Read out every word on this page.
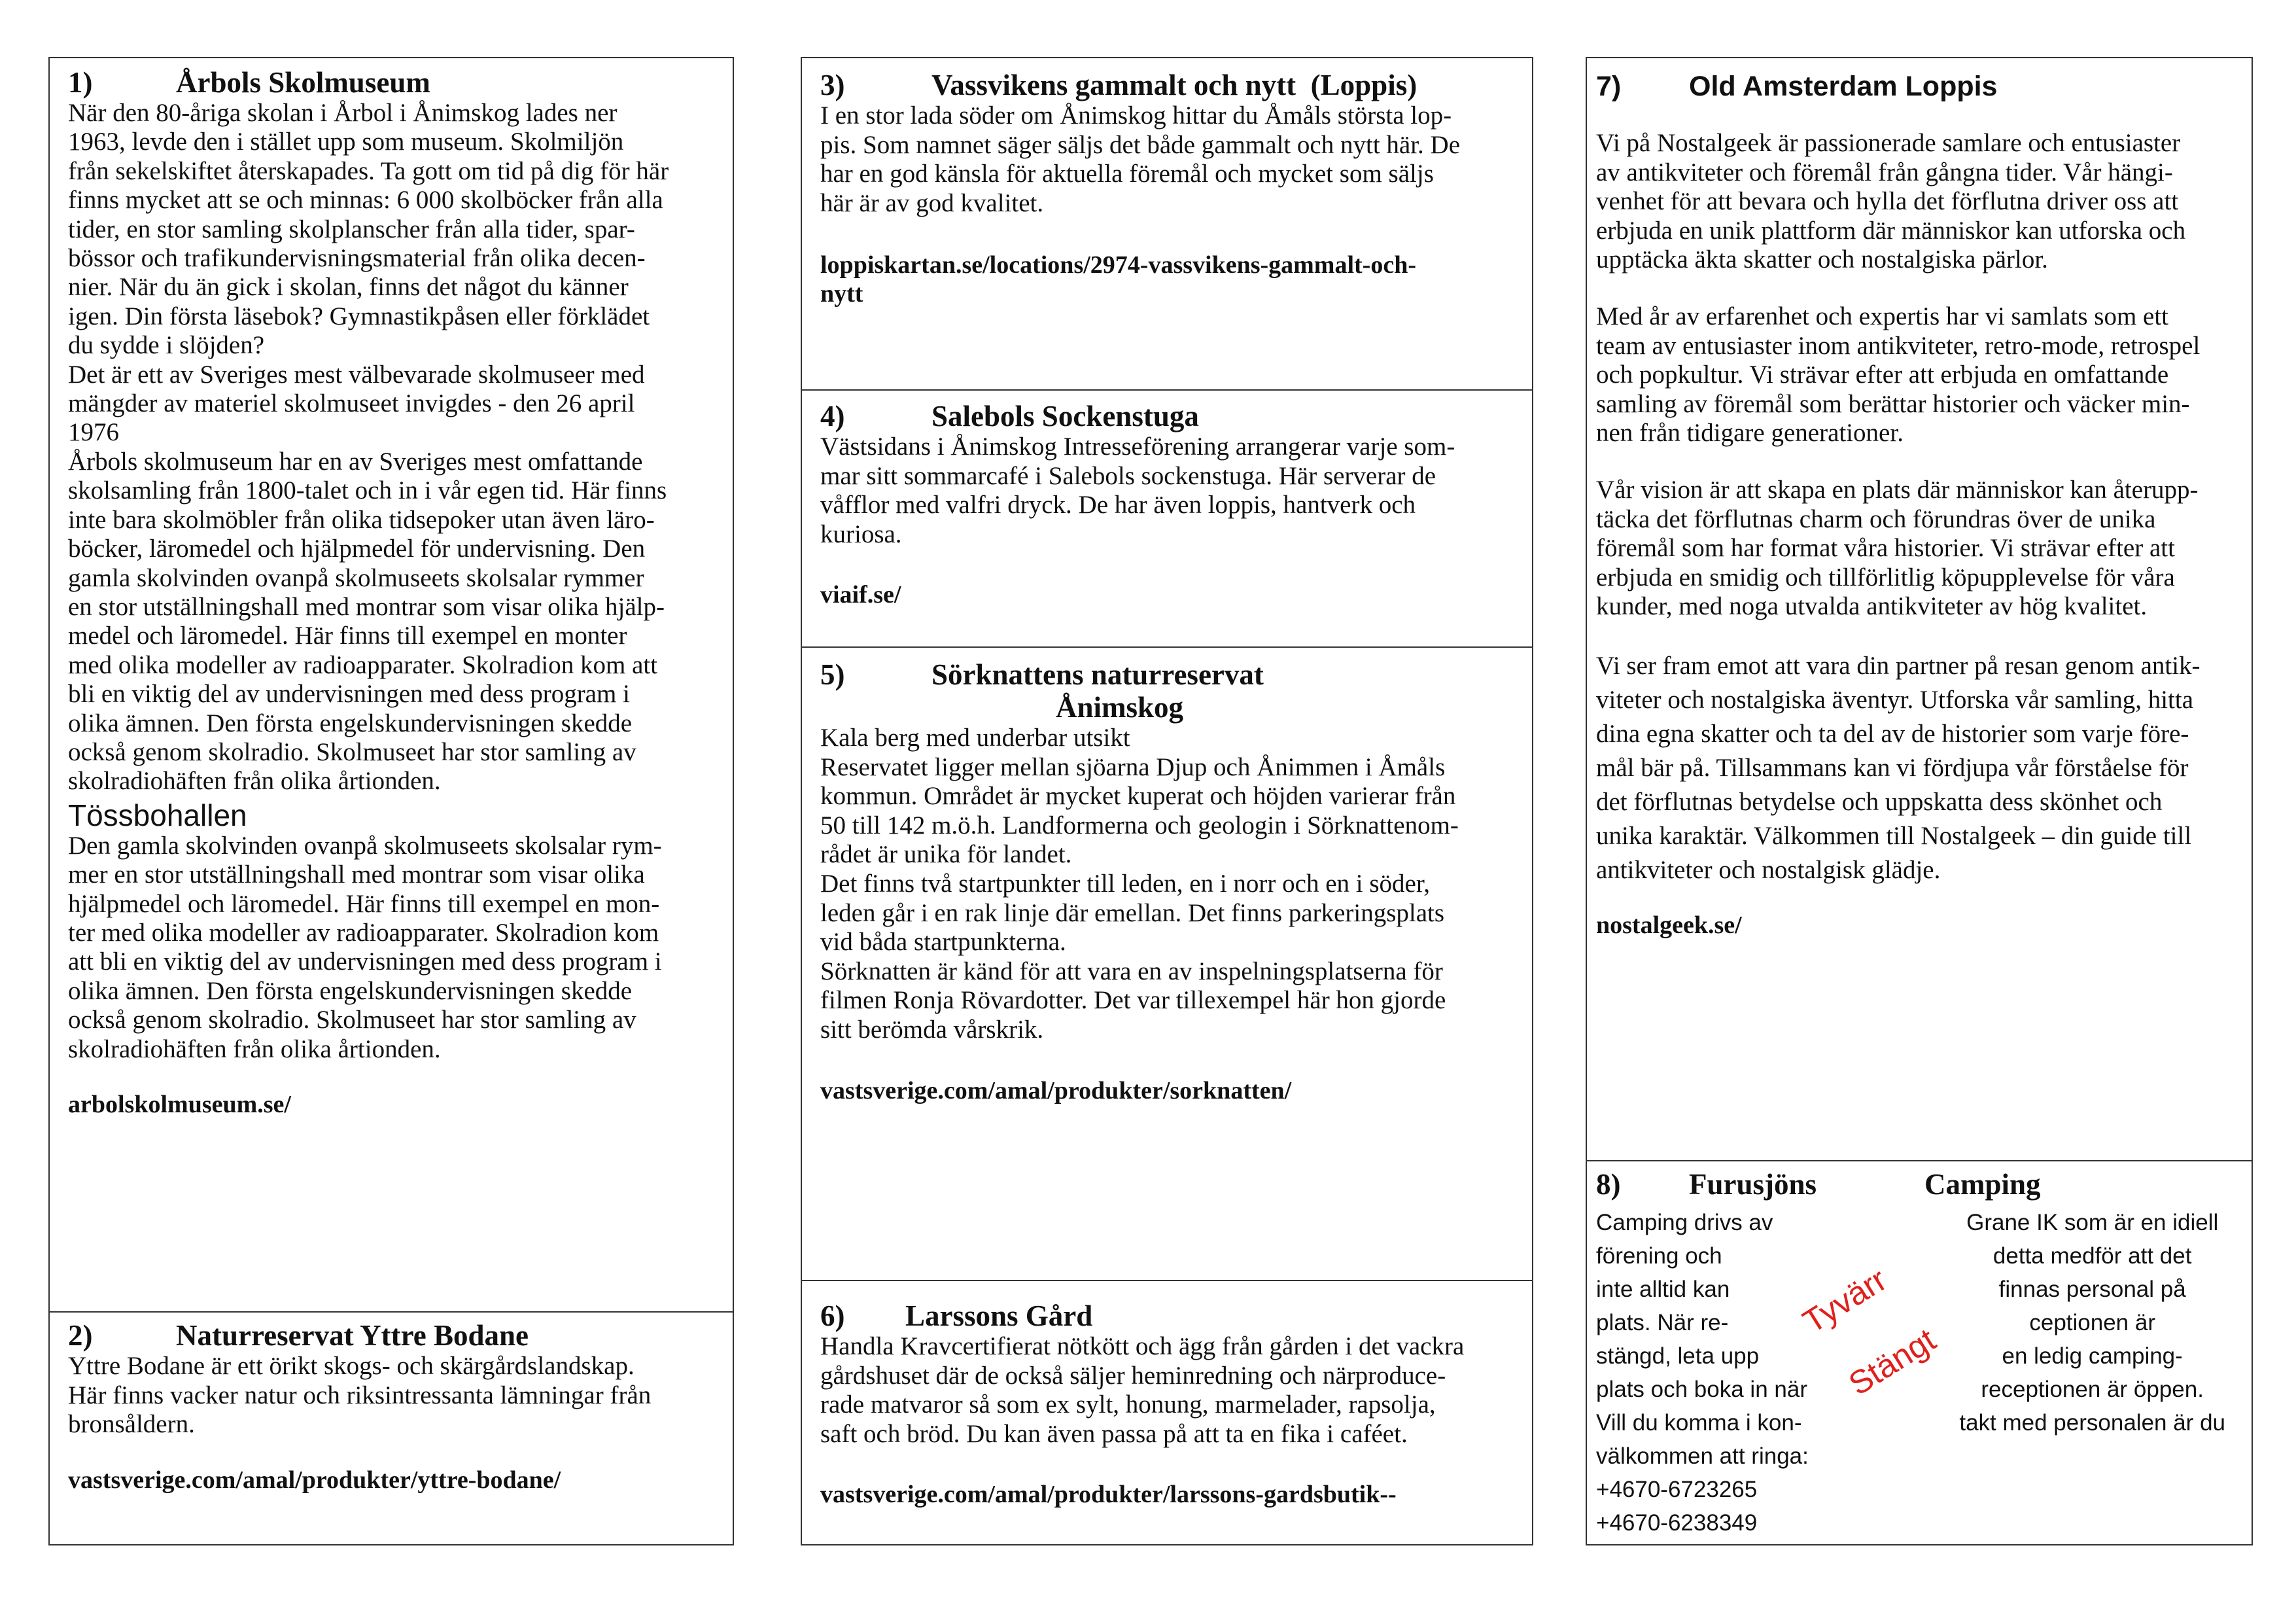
1)	Årbols Skolmuseum

När den 80-åriga skolan i Årbol i Ånimskog lades ner
1963, levde den i stället upp som museum. Skolmiljön
från sekelskiftet återskapades. Ta gott om tid på dig för här
finns mycket att se och minnas: 6 000 skolböcker från alla
tider, en stor samling skolplanscher från alla tider, spar-
bössor och trafikundervisningsmaterial från olika decen-
nier. När du än gick i skolan, finns det något du känner
igen. Din första läsebok? Gymnastikpåsen eller förklädet
du sydde i slöjden?
Det är ett av Sveriges mest välbevarade skolmuseer med
mängder av materiel skolmuseet invigdes - den 26 april
1976
Årbols skolmuseum har en av Sveriges mest omfattande
skolsamling från 1800-talet och in i vår egen tid. Här finns
inte bara skolmöbler från olika tidsepoker utan även läro-
böcker, läromedel och hjälpmedel för undervisning. Den
gamla skolvinden ovanpå skolmuseets skolsalar rymmer
en stor utställningshall med montrar som visar olika hjälp-
medel och läromedel. Här finns till exempel en monter
med olika modeller av radioapparater. Skolradion kom att
bli en viktig del av undervisningen med dess program i
olika ämnen. Den första engelskundervisningen skedde
också genom skolradio. Skolmuseet har stor samling av
skolradiohäften från olika årtionden.

Tössbohallen

Den gamla skolvinden ovanpå skolmuseets skolsalar rym-
mer en stor utställningshall med montrar som visar olika
hjälpmedel och läromedel. Här finns till exempel en mon-
ter med olika modeller av radioapparater. Skolradion kom
att bli en viktig del av undervisningen med dess program i
olika ämnen. Den första engelskundervisningen skedde
också genom skolradio. Skolmuseet har stor samling av
skolradiohäften från olika årtionden.

arbolskolmuseum.se/

2)	Naturreservat Yttre Bodane

Yttre Bodane är ett örikt skogs- och skärgårdslandskap.
Här finns vacker natur och riksintressanta lämningar från
bronsåldern.

vastsverige.com/amal/produkter/yttre-bodane/

3)	Vassvikens gammalt och nytt  (Loppis)

I en stor lada söder om Ånimskog hittar du Åmåls största lop-
pis. Som namnet säger säljs det både gammalt och nytt här. De
har en god känsla för aktuella föremål och mycket som säljs
här är av god kvalitet.

loppiskartan.se/locations/2974-vassvikens-gammalt-och-
nytt

4)	Salebols Sockenstuga

Västsidans i Ånimskog Intresseförening arrangerar varje som-
mar sitt sommarcafé i Salebols sockenstuga. Här serverar de
våfflor med valfri dryck. De har även loppis, hantverk och
kuriosa.

viaif.se/

5)	Sörknattens naturreservat
Ånimskog

Kala berg med underbar utsikt
Reservatet ligger mellan sjöarna Djup och Ånimmen i Åmåls
kommun. Området är mycket kuperat och höjden varierar från
50 till 142 m.ö.h. Landformerna och geologin i Sörknattenom-
rådet är unika för landet.
Det finns två startpunkter till leden, en i norr och en i söder,
leden går i en rak linje där emellan. Det finns parkeringsplats
vid båda startpunkterna.
Sörknatten är känd för att vara en av inspelningsplatserna för
filmen Ronja Rövardotter. Det var tillexempel här hon gjorde
sitt berömda vårskrik.

vastsverige.com/amal/produkter/sorknatten/

6)	Larssons Gård

Handla Kravcertifierat nötkött och ägg från gården i det vackra
gårdshuset där de också säljer heminredning och närproduce-
rade matvaror så som ex sylt, honung, marmelader, rapsolja,
saft och bröd. Du kan även passa på att ta en fika i caféet.

vastsverige.com/amal/produkter/larssons-gardsbutik--

7)	Old Amsterdam Loppis

Vi på Nostalgeek är passionerade samlare och entusiaster
av antikviteter och föremål från gångna tider. Vår hängi-
venhet för att bevara och hylla det förflutna driver oss att
erbjuda en unik plattform där människor kan utforska och
upptäcka äkta skatter och nostalgiska pärlor.

Med år av erfarenhet och expertis har vi samlats som ett
team av entusiaster inom antikviteter, retro-mode, retrospel
och popkultur. Vi strävar efter att erbjuda en omfattande
samling av föremål som berättar historier och väcker min-
nen från tidigare generationer.

Vår vision är att skapa en plats där människor kan återupp-
täcka det förflutnas charm och förundras över de unika
föremål som har format våra historier. Vi strävar efter att
erbjuda en smidig och tillförlitlig köpupplevelse för våra
kunder, med noga utvalda antikviteter av hög kvalitet.

Vi ser fram emot att vara din partner på resan genom antik-
viteter och nostalgiska äventyr. Utforska vår samling, hitta
dina egna skatter och ta del av de historier som varje före-
mål bär på. Tillsammans kan vi fördjupa vår förståelse för
det förflutnas betydelse och uppskatta dess skönhet och
unika karaktär. Välkommen till Nostalgeek – din guide till
antikviteter och nostalgisk glädje.

nostalgeek.se/

8)	Furusjöns	Camping

Camping drivs av
förening och
inte alltid kan
plats. När re-
stängd, leta upp
plats och boka in när
Vill du komma i kon-
välkommen att ringa:
+4670-6723265
+4670-6238349

Grane IK som är en idiell
detta medför att det
finnas personal på
ceptionen är
en ledig camping-
receptionen är öppen.
takt med personalen är du

Tyvärr
Stängt
